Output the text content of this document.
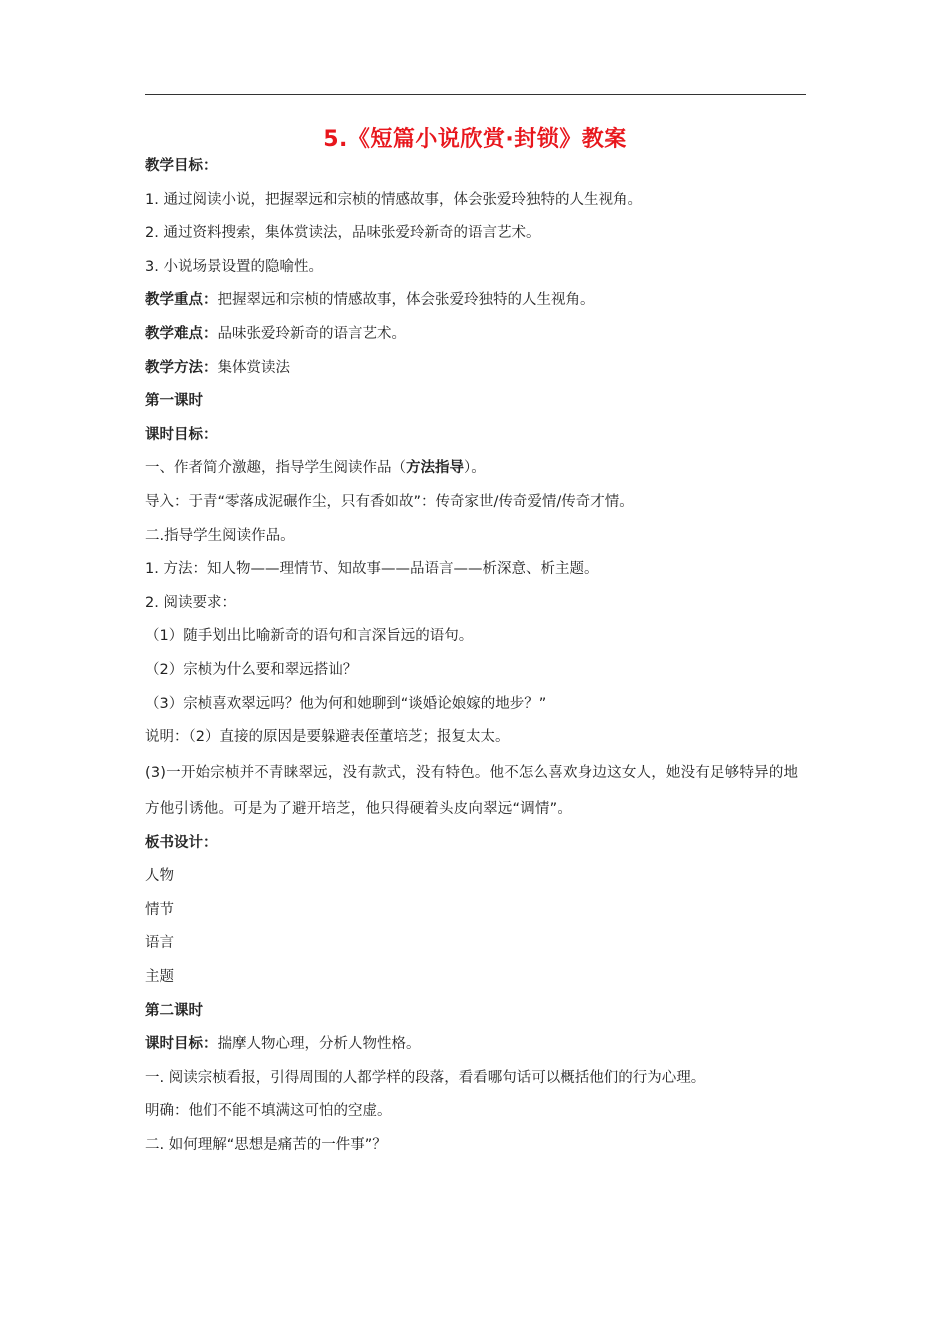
5.《短篇小说欣赏·封锁》教案
教学目标：
1. 通过阅读小说，把握翠远和宗桢的情感故事，体会张爱玲独特的人生视角。
2. 通过资料搜索，集体赏读法，品味张爱玲新奇的语言艺术。
3. 小说场景设置的隐喻性。
教学重点：把握翠远和宗桢的情感故事，体会张爱玲独特的人生视角。
教学难点：品味张爱玲新奇的语言艺术。
教学方法：集体赏读法
第一课时
课时目标：
一、作者简介激趣，指导学生阅读作品（方法指导）。
导入：于青“零落成泥碾作尘，只有香如故”：传奇家世/传奇爱情/传奇才情。
二.指导学生阅读作品。
1. 方法：知人物——理情节、知故事——品语言——析深意、析主题。
2. 阅读要求：
（1）随手划出比喻新奇的语句和言深旨远的语句。
（2）宗桢为什么要和翠远搭讪？
（3）宗桢喜欢翠远吗？他为何和她聊到“谈婚论娘嫁的地步？”
说明：（2）直接的原因是要躲避表侄董培芝；报复太太。
(3)一开始宗桢并不青睐翠远，没有款式，没有特色。他不怎么喜欢身边这女人，她没有足够特异的地方他引诱他。可是为了避开培芝，他只得硬着头皮向翠远“调情”。
板书设计：
人物
情节
语言
主题
第二课时
课时目标：揣摩人物心理，分析人物性格。
一. 阅读宗桢看报，引得周围的人都学样的段落，看看哪句话可以概括他们的行为心理。
明确：他们不能不填满这可怕的空虚。
二. 如何理解“思想是痛苦的一件事”？
